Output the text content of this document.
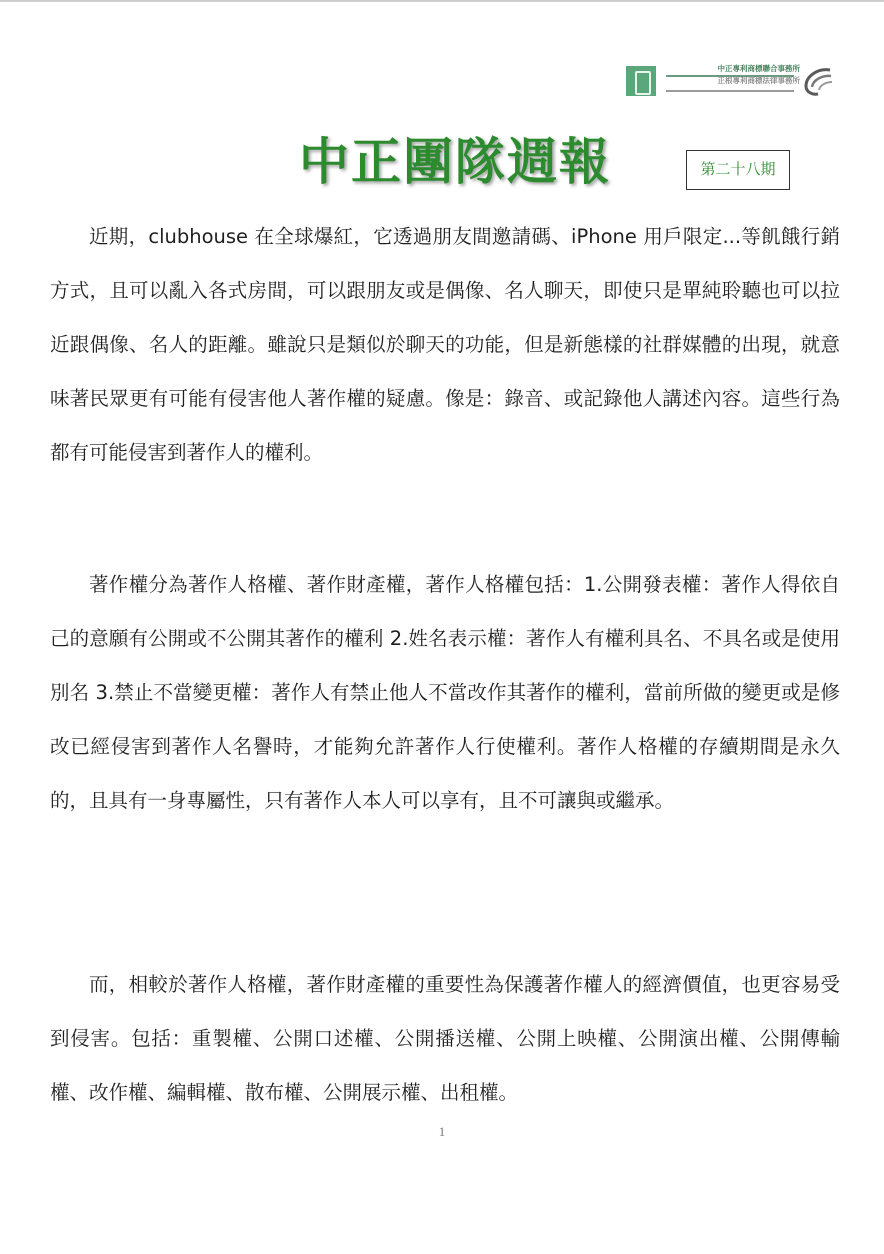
中正專利商標聯合事務所
正根專利商標法律事務所
中正團隊週報	第二十八期

近期，clubhouse 在全球爆紅，它透過朋友間邀請碼、iPhone 用戶限定...等飢餓行銷方式，且可以亂入各式房間，可以跟朋友或是偶像、名人聊天，即使只是單純聆聽也可以拉近跟偶像、名人的距離。雖說只是類似於聊天的功能，但是新態樣的社群媒體的出現，就意味著民眾更有可能有侵害他人著作權的疑慮。像是：錄音、或記錄他人講述內容。這些行為都有可能侵害到著作人的權利。

著作權分為著作人格權、著作財產權，著作人格權包括：1.公開發表權：著作人得依自己的意願有公開或不公開其著作的權利 2.姓名表示權：著作人有權利具名、不具名或是使用別名 3.禁止不當變更權：著作人有禁止他人不當改作其著作的權利，當前所做的變更或是修改已經侵害到著作人名譽時，才能夠允許著作人行使權利。著作人格權的存續期間是永久的，且具有一身專屬性，只有著作人本人可以享有，且不可讓與或繼承。

而，相較於著作人格權，著作財產權的重要性為保護著作權人的經濟價值，也更容易受到侵害。包括：重製權、公開口述權、公開播送權、公開上映權、公開演出權、公開傳輸權、改作權、編輯權、散布權、公開展示權、出租權。

1
